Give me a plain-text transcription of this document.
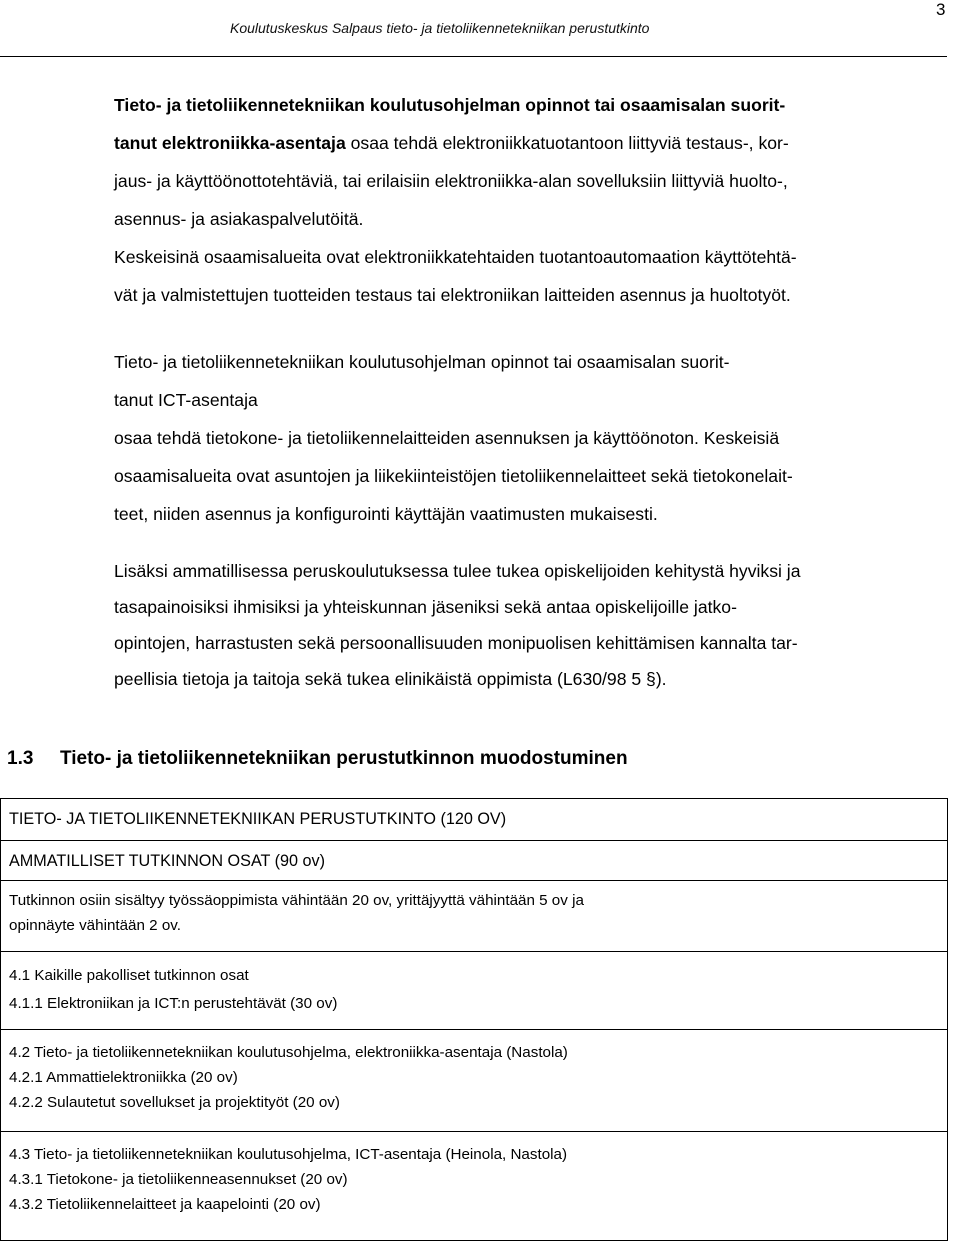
Koulutuskeskus Salpaus tieto- ja tietoliikennetekniikan perustutkinto
3

Tieto- ja tietoliikennetekniikan koulutusohjelman opinnot tai osaamisalan suorit-

tanut elektroniikka-asentaja osaa tehdä elektroniikkatuotantoon liittyviä testaus-, kor-

jaus- ja käyttöönottotehtäviä, tai erilaisiin elektroniikka-alan sovelluksiin liittyviä huolto-,

asennus- ja asiakaspalvelutöitä.

Keskeisinä osaamisalueita ovat elektroniikkatehtaiden tuotantoautomaation käyttötehtä-

vät ja valmistettujen tuotteiden testaus tai elektroniikan laitteiden asennus ja huoltotyöt.

Tieto- ja tietoliikennetekniikan koulutusohjelman opinnot tai osaamisalan suorit-

tanut ICT-asentaja

osaa tehdä tietokone- ja tietoliikennelaitteiden asennuksen ja käyttöönoton. Keskeisiä

osaamisalueita ovat asuntojen ja liikekiinteistöjen tietoliikennelaitteet sekä tietokonelait-

teet, niiden asennus ja konfigurointi käyttäjän vaatimusten mukaisesti.

Lisäksi ammatillisessa peruskoulutuksessa tulee tukea opiskelijoiden kehitystä hyviksi ja

tasapainoisiksi ihmisiksi ja yhteiskunnan jäseniksi sekä antaa opiskelijoille jatko-

opintojen, harrastusten sekä persoonallisuuden monipuolisen kehittämisen kannalta tar-

peellisia tietoja ja taitoja sekä tukea elinikäistä oppimista (L630/98 5 §).

1.3 Tieto- ja tietoliikennetekniikan perustutkinnon muodostuminen
TIETO- JA TIETOLIIKENNETEKNIIKAN PERUSTUTKINTO (120 OV)
AMMATILLISET TUTKINNON OSAT (90 ov)
Tutkinnon osiin sisältyy työssäoppimista vähintään 20 ov, yrittäjyyttä vähintään 5 ov ja
opinnäyte vähintään 2 ov.
4.1 Kaikille pakolliset tutkinnon osat
4.1.1 Elektroniikan ja ICT:n perustehtävät (30 ov)
4.2 Tieto- ja tietoliikennetekniikan koulutusohjelma, elektroniikka-asentaja (Nastola)
4.2.1 Ammattielektroniikka (20 ov)
4.2.2 Sulautetut sovellukset ja projektityöt (20 ov)
4.3 Tieto- ja tietoliikennetekniikan koulutusohjelma, ICT-asentaja (Heinola, Nastola)
4.3.1 Tietokone- ja tietoliikenneasennukset (20 ov)
4.3.2 Tietoliikennelaitteet ja kaapelointi (20 ov)
